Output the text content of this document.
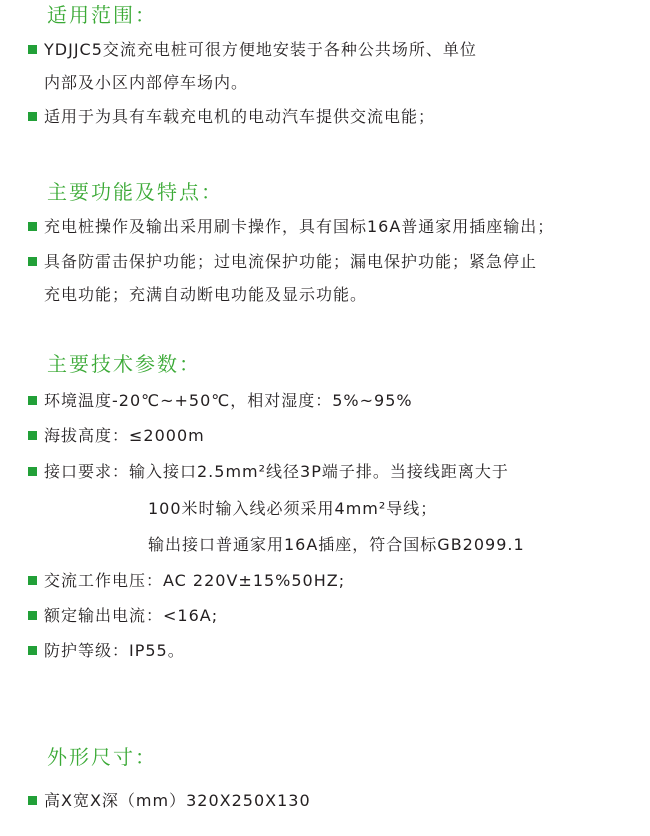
适用范围：
YDJJC5交流充电桩可很方便地安装于各种公共场所、单位
内部及小区内部停车场内。
适用于为具有车载充电机的电动汽车提供交流电能；
主要功能及特点：
充电桩操作及输出采用刷卡操作，具有国标16A普通家用插座输出；
具备防雷击保护功能；过电流保护功能；漏电保护功能；紧急停止
充电功能；充满自动断电功能及显示功能。
主要技术参数：
环境温度-20℃~+50℃，相对湿度：5%~95%
海拔高度：≤2000m
接口要求：输入接口2.5mm²线径3P端子排。当接线距离大于
100米时输入线必须采用4mm²导线；
输出接口普通家用16A插座，符合国标GB2099.1
交流工作电压：AC 220V±15%50HZ;
额定输出电流：<16A;
防护等级：IP55。
外形尺寸：
高X宽X深（mm）320X250X130
